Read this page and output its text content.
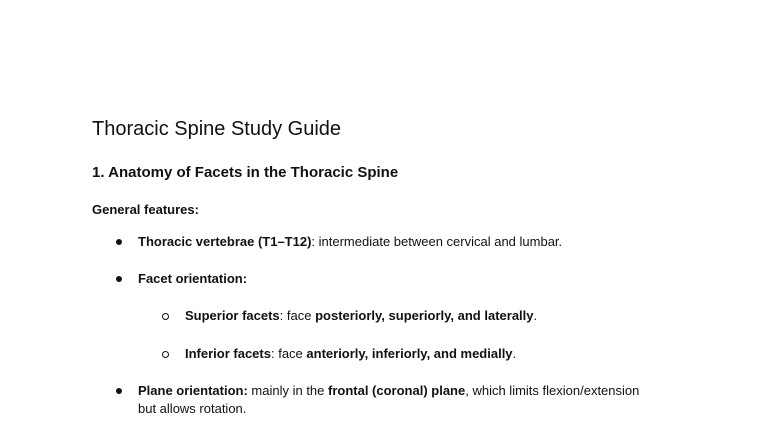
Thoracic Spine Study Guide
1. Anatomy of Facets in the Thoracic Spine
General features:
Thoracic vertebrae (T1–T12): intermediate between cervical and lumbar.
Facet orientation:
Superior facets: face posteriorly, superiorly, and laterally.
Inferior facets: face anteriorly, inferiorly, and medially.
Plane orientation: mainly in the frontal (coronal) plane, which limits flexion/extension
but allows rotation.
